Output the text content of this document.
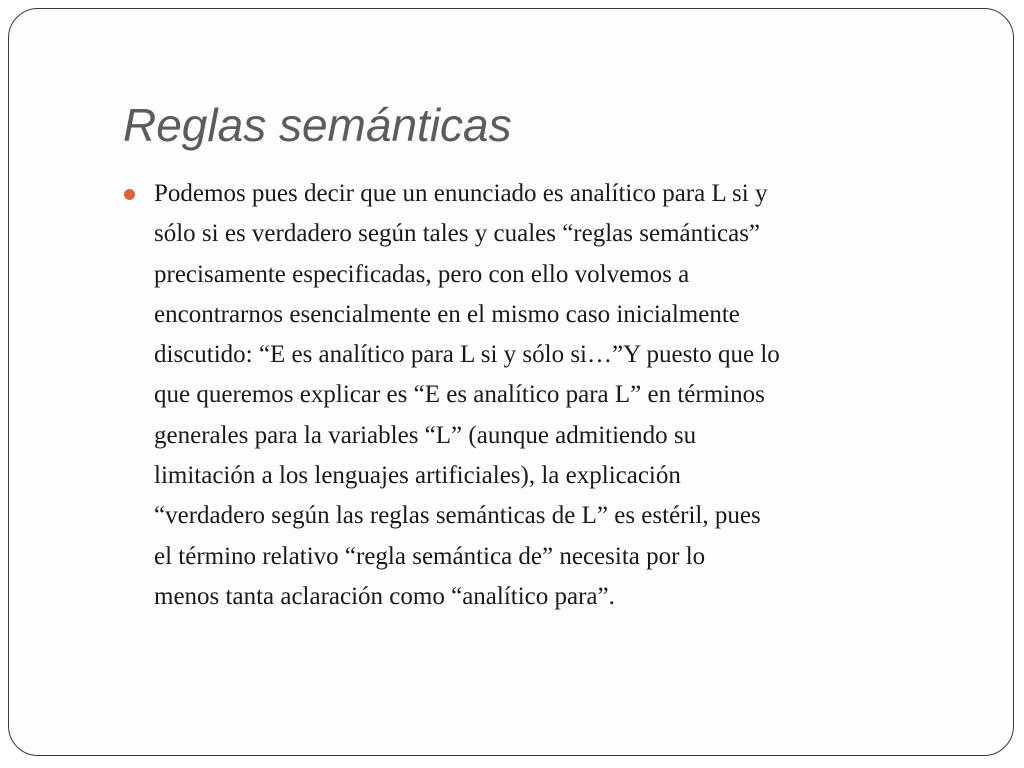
Reglas semánticas

Podemos pues decir que un enunciado es analítico para L si y
sólo si es verdadero según tales y cuales “reglas semánticas”
precisamente especificadas, pero con ello volvemos a
encontrarnos esencialmente en el mismo caso inicialmente
discutido: “E es analítico para L si y sólo si…”Y puesto que lo
que queremos explicar es “E es analítico para L” en términos
generales para la variables “L” (aunque admitiendo su
limitación a los lenguajes artificiales), la explicación
“verdadero según las reglas semánticas de L” es estéril, pues
el término relativo “regla semántica de” necesita por lo
menos tanta aclaración como “analítico para”.
